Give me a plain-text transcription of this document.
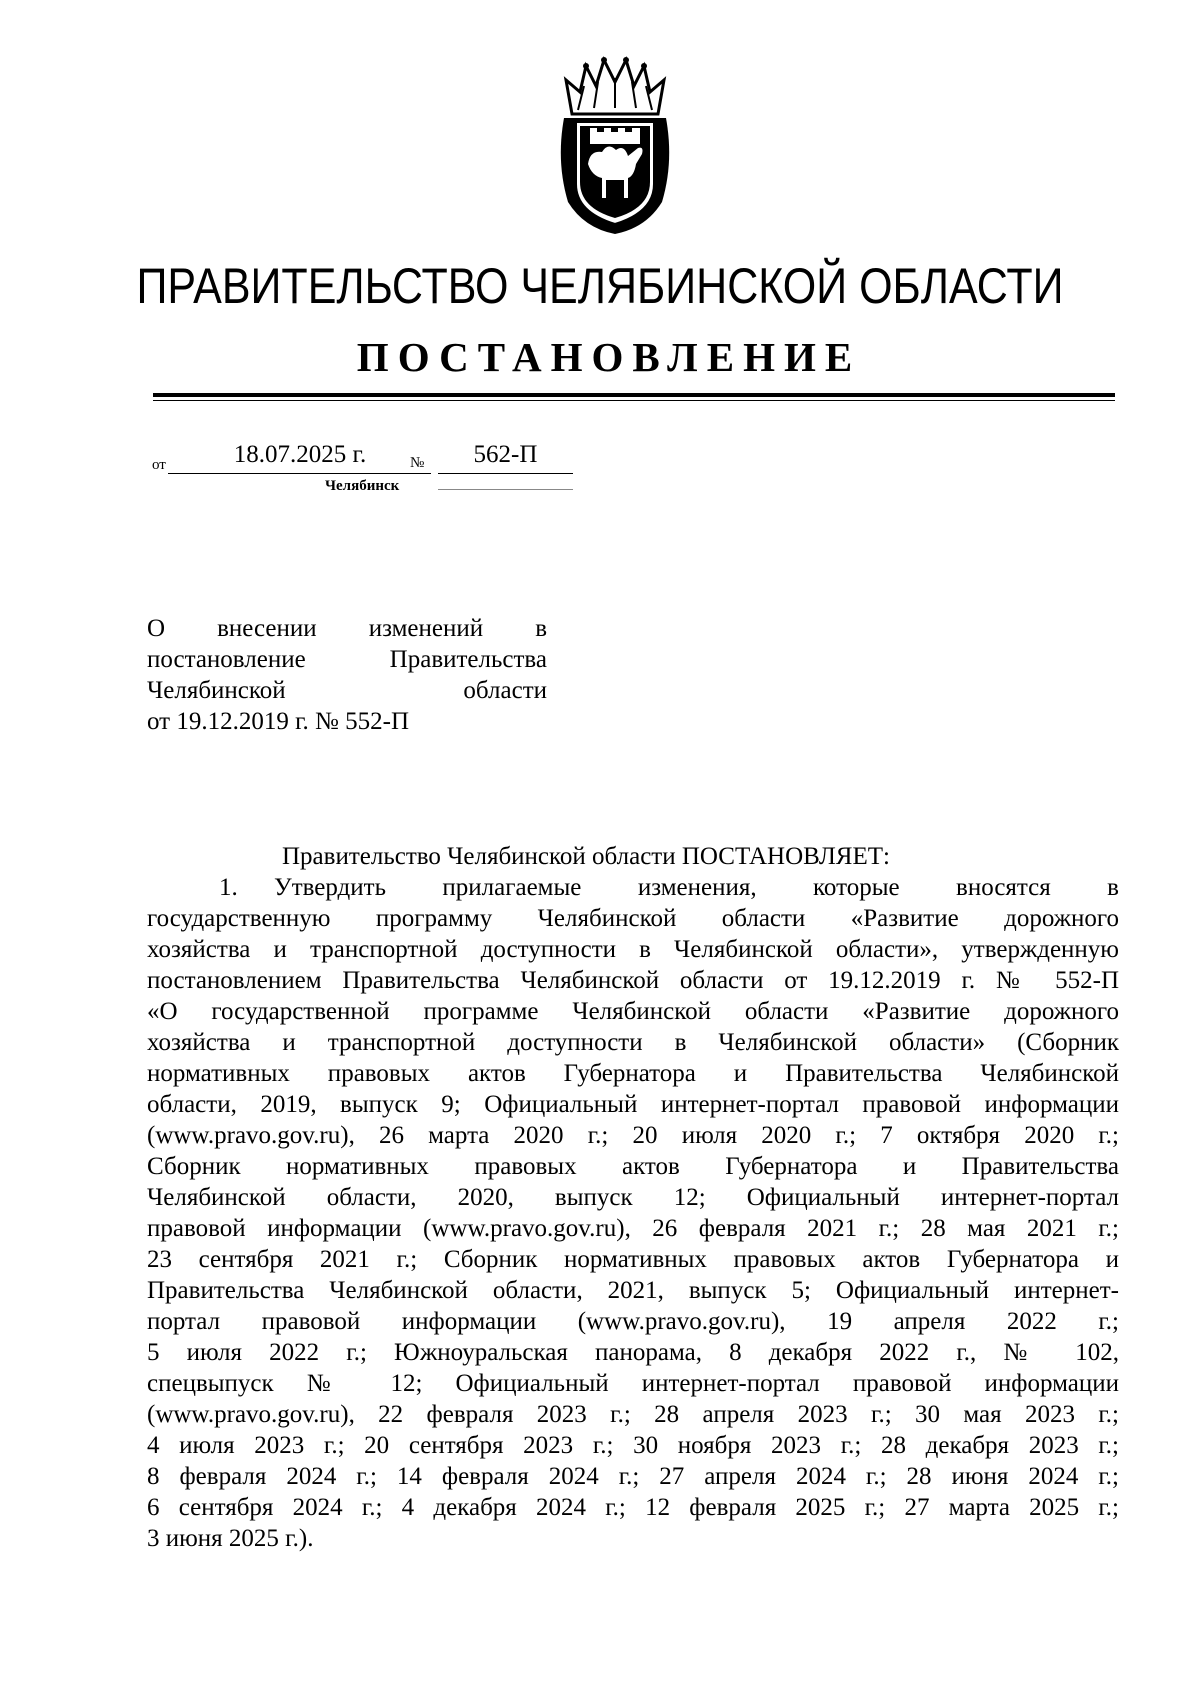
ПРАВИТЕЛЬСТВО ЧЕЛЯБИНСКОЙ ОБЛАСТИ
ПОСТАНОВЛЕНИЕ
от	18.07.2025 г.	№	562-П
Челябинск
О внесении изменений в
постановление Правительства
Челябинской области
от 19.12.2019 г. № 552-П
Правительство Челябинской области ПОСТАНОВЛЯЕТ:
1. Утвердить прилагаемые изменения, которые вносятся в
государственную программу Челябинской области «Развитие дорожного
хозяйства и транспортной доступности в Челябинской области», утвержденную
постановлением Правительства Челябинской области от 19.12.2019 г. № 552-П
«О государственной программе Челябинской области «Развитие дорожного
хозяйства и транспортной доступности в Челябинской области» (Сборник
нормативных правовых актов Губернатора и Правительства Челябинской
области, 2019, выпуск 9; Официальный интернет-портал правовой информации
(www.pravo.gov.ru), 26 марта 2020 г.; 20 июля 2020 г.; 7 октября 2020 г.;
Сборник нормативных правовых актов Губернатора и Правительства
Челябинской области, 2020, выпуск 12; Официальный интернет-портал
правовой информации (www.pravo.gov.ru), 26 февраля 2021 г.; 28 мая 2021 г.;
23 сентября 2021 г.; Сборник нормативных правовых актов Губернатора и
Правительства Челябинской области, 2021, выпуск 5; Официальный интернет-
портал правовой информации (www.pravo.gov.ru), 19 апреля 2022 г.;
5 июля 2022 г.; Южноуральская панорама, 8 декабря 2022 г., № 102,
спецвыпуск № 12; Официальный интернет-портал правовой информации
(www.pravo.gov.ru), 22 февраля 2023 г.; 28 апреля 2023 г.; 30 мая 2023 г.;
4 июля 2023 г.; 20 сентября 2023 г.; 30 ноября 2023 г.; 28 декабря 2023 г.;
8 февраля 2024 г.; 14 февраля 2024 г.; 27 апреля 2024 г.; 28 июня 2024 г.;
6 сентября 2024 г.; 4 декабря 2024 г.; 12 февраля 2025 г.; 27 марта 2025 г.;
3 июня 2025 г.).
